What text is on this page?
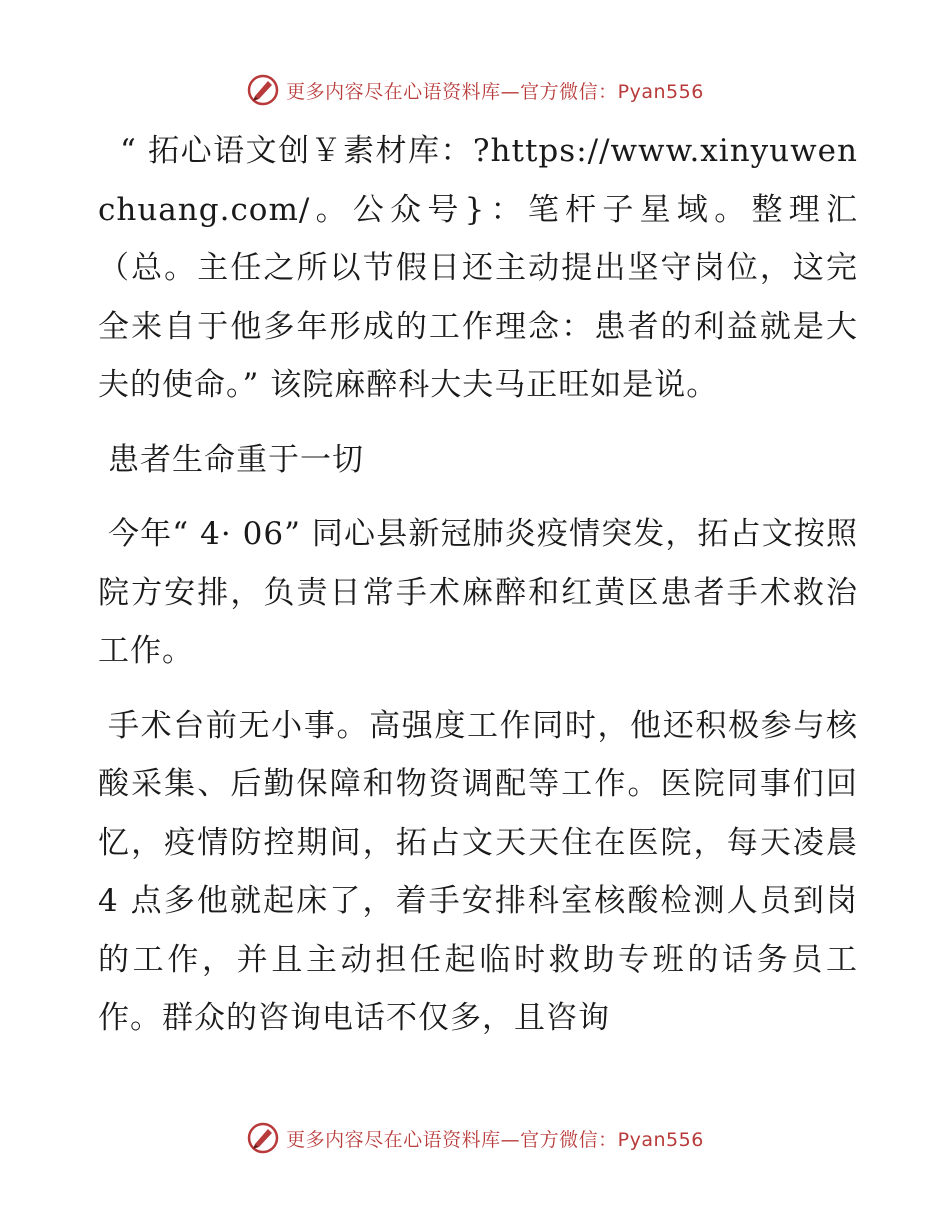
更多内容尽在心语资料库—官方微信：Pyan556

“ 拓心语文创￥素材库：?https://www.xinyuwenchuang.com/。公众号}：笔杆子星域。整理汇（总。主任之所以节假日还主动提出坚守岗位，这完全来自于他多年形成的工作理念：患者的利益就是大夫的使命。” 该院麻醉科大夫马正旺如是说。

患者生命重于一切

今年“ 4· 06” 同心县新冠肺炎疫情突发，拓占文按照院方安排，负责日常手术麻醉和红黄区患者手术救治工作。

手术台前无小事。高强度工作同时，他还积极参与核酸采集、后勤保障和物资调配等工作。医院同事们回忆，疫情防控期间，拓占文天天住在医院，每天凌晨 4 点多他就起床了，着手安排科室核酸检测人员到岗的工作，并且主动担任起临时救助专班的话务员工作。群众的咨询电话不仅多，且咨询

更多内容尽在心语资料库—官方微信：Pyan556
